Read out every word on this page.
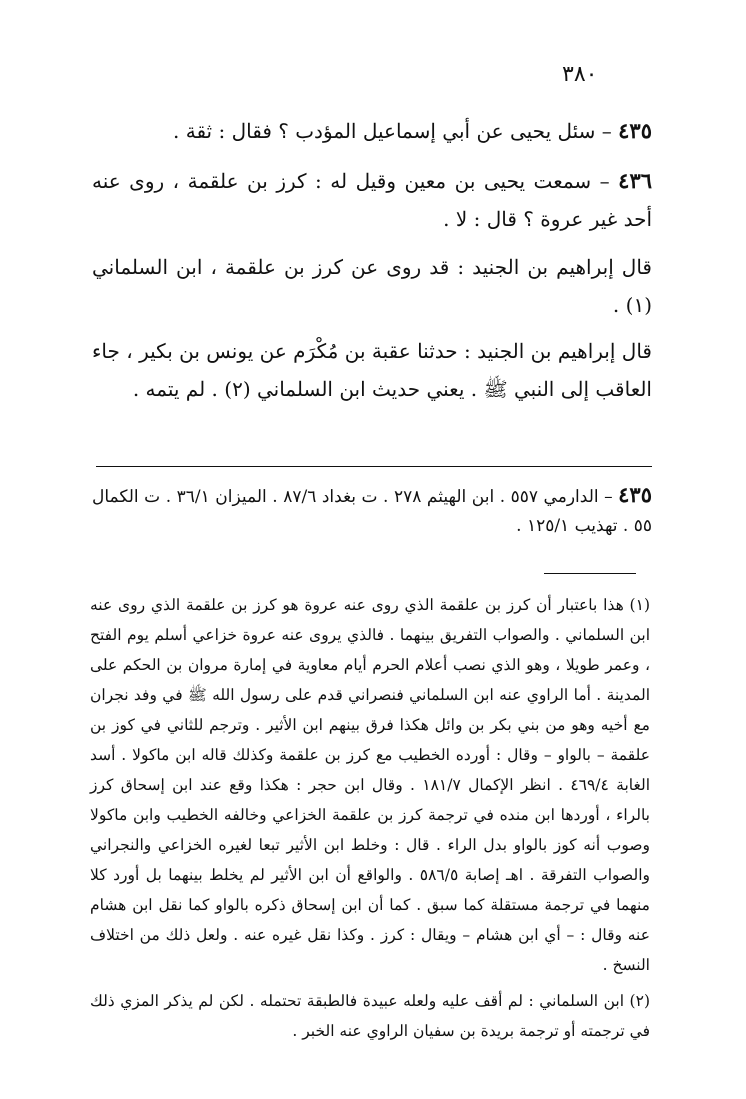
٣٨٠
٤٣٥ – سئل يحيى عن أبي إسماعيل المؤدب ؟ فقال : ثقة .
٤٣٦ – سمعت يحيى بن معين وقيل له : كرز بن علقمة ، روى عنه أحد غير عروة ؟ قال : لا .
قال إبراهيم بن الجنيد : قد روى عن كرز بن علقمة ، ابن السلماني (١) .
قال إبراهيم بن الجنيد : حدثنا عقبة بن مُكْرَم عن يونس بن بكير ، جاء العاقب إلى النبي ﷺ . يعني حديث ابن السلماني (٢) . لم يتمه .
٤٣٥ – الدارمي ٥٥٧ . ابن الهيثم ٢٧٨ . ت بغداد ٨٧/٦ . الميزان ٣٦/١ . ت الكمال ٥٥ . تهذيب ١٢٥/١ .
(١) هذا باعتبار أن كرز بن علقمة الذي روى عنه عروة هو كرز بن علقمة الذي روى عنه ابن السلماني . والصواب التفريق بينهما . فالذي يروى عنه عروة خزاعي أسلم يوم الفتح ، وعمر طويلا ، وهو الذي نصب أعلام الحرم أيام معاوية في إمارة مروان بن الحكم على المدينة . أما الراوي عنه ابن السلماني فنصراني قدم على رسول الله ﷺ في وفد نجران مع أخيه وهو من بني بكر بن وائل هكذا فرق بينهم ابن الأثير . وترجم للثاني في كوز بن علقمة – بالواو – وقال : أورده الخطيب مع كرز بن علقمة وكذلك قاله ابن ماكولا . أسد الغابة ٤٦٩/٤ . انظر الإكمال ١٨١/٧ . وقال ابن حجر : هكذا وقع عند ابن إسحاق كرز بالراء ، أوردها ابن منده في ترجمة كرز بن علقمة الخزاعي وخالفه الخطيب وابن ماكولا وصوب أنه كوز بالواو بدل الراء . قال : وخلط ابن الأثير تبعا لغيره الخزاعي والنجراني والصواب التفرقة . اهـ إصابة ٥٨٦/٥ . والواقع أن ابن الأثير لم يخلط بينهما بل أورد كلا منهما في ترجمة مستقلة كما سبق . كما أن ابن إسحاق ذكره بالواو كما نقل ابن هشام عنه وقال : – أي ابن هشام – ويقال : كرز . وكذا نقل غيره عنه . ولعل ذلك من اختلاف النسخ .
(٢) ابن السلماني : لم أقف عليه ولعله عبيدة فالطبقة تحتمله . لكن لم يذكر المزي ذلك في ترجمته أو ترجمة بريدة بن سفيان الراوي عنه الخبر .
